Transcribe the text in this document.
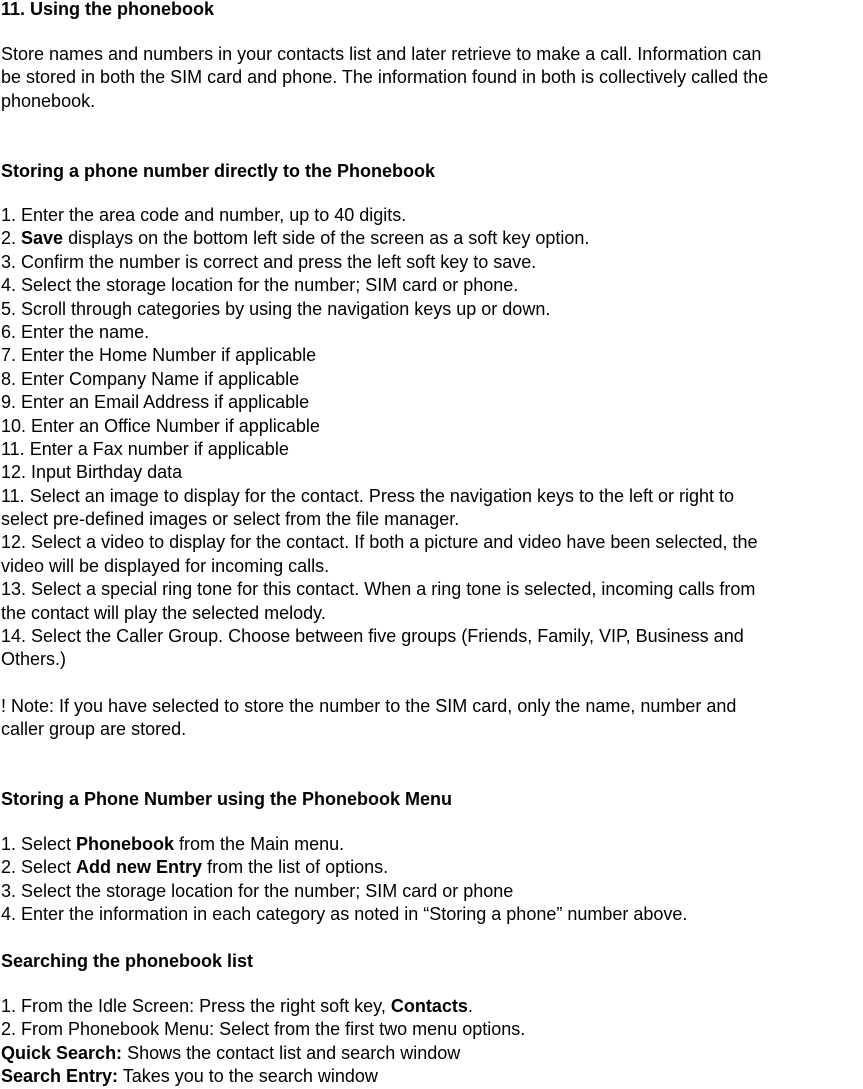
11. Using the phonebook
Store names and numbers in your contacts list and later retrieve to make a call. Information can
be stored in both the SIM card and phone. The information found in both is collectively called the
phonebook.
Storing a phone number directly to the Phonebook
1. Enter the area code and number, up to 40 digits.
2. Save displays on the bottom left side of the screen as a soft key option.
3. Confirm the number is correct and press the left soft key to save.
4. Select the storage location for the number; SIM card or phone.
5. Scroll through categories by using the navigation keys up or down.
6. Enter the name.
7. Enter the Home Number if applicable
8. Enter Company Name if applicable
9. Enter an Email Address if applicable
10. Enter an Office Number if applicable
11. Enter a Fax number if applicable
12. Input Birthday data
11. Select an image to display for the contact. Press the navigation keys to the left or right to
select pre-defined images or select from the file manager.
12. Select a video to display for the contact. If both a picture and video have been selected, the
video will be displayed for incoming calls.
13. Select a special ring tone for this contact. When a ring tone is selected, incoming calls from
the contact will play the selected melody.
14. Select the Caller Group. Choose between five groups (Friends, Family, VIP, Business and
Others.)
! Note: If you have selected to store the number to the SIM card, only the name, number and
caller group are stored.
Storing a Phone Number using the Phonebook Menu
1. Select Phonebook from the Main menu.
2. Select Add new Entry from the list of options.
3. Select the storage location for the number; SIM card or phone
4. Enter the information in each category as noted in “Storing a phone” number above.
Searching the phonebook list
1. From the Idle Screen: Press the right soft key, Contacts.
2. From Phonebook Menu: Select from the first two menu options.
Quick Search: Shows the contact list and search window
Search Entry: Takes you to the search window
